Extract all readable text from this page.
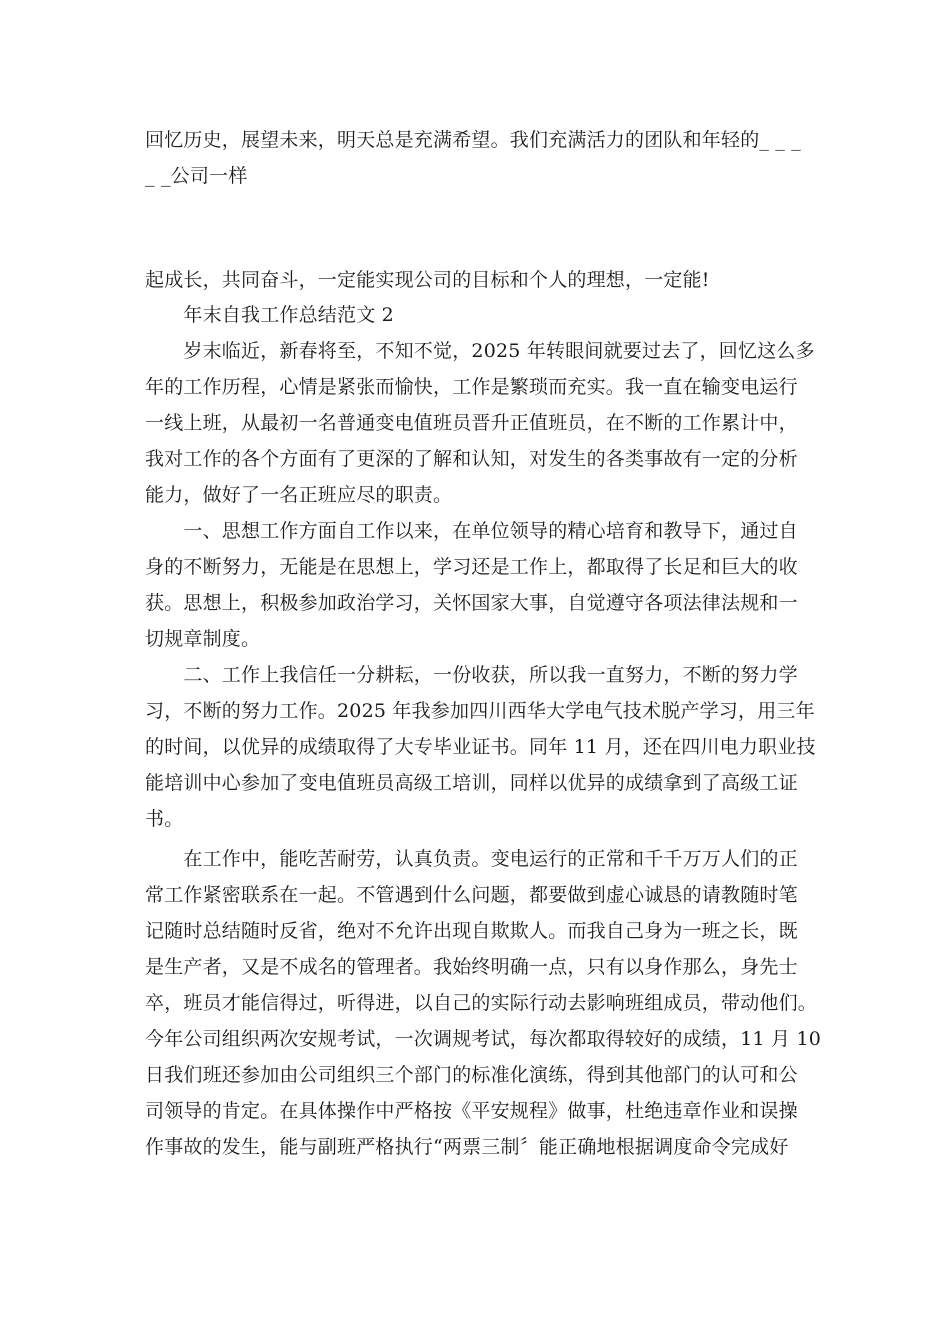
回忆历史，展望未来，明天总是充满希望。我们充满活力的团队和年轻的_ _ _
_ _公司一样
起成长，共同奋斗，一定能实现公司的目标和个人的理想，一定能!
　　年末自我工作总结范文 2
　　岁末临近，新春将至，不知不觉，2025 年转眼间就要过去了，回忆这么多
年的工作历程，心情是紧张而愉快，工作是繁琐而充实。我一直在输变电运行
一线上班，从最初一名普通变电值班员晋升正值班员，在不断的工作累计中，
我对工作的各个方面有了更深的了解和认知，对发生的各类事故有一定的分析
能力，做好了一名正班应尽的职责。
　　一、思想工作方面自工作以来，在单位领导的精心培育和教导下，通过自
身的不断努力，无能是在思想上，学习还是工作上，都取得了长足和巨大的收
获。思想上，积极参加政治学习，关怀国家大事，自觉遵守各项法律法规和一
切规章制度。
　　二、工作上我信任一分耕耘，一份收获，所以我一直努力，不断的努力学
习，不断的努力工作。2025 年我参加四川西华大学电气技术脱产学习，用三年
的时间，以优异的成绩取得了大专毕业证书。同年 11 月，还在四川电力职业技
能培训中心参加了变电值班员高级工培训，同样以优异的成绩拿到了高级工证
书。
　　在工作中，能吃苦耐劳，认真负责。变电运行的正常和千千万万人们的正
常工作紧密联系在一起。不管遇到什么问题，都要做到虚心诚恳的请教随时笔
记随时总结随时反省，绝对不允许出现自欺欺人。而我自己身为一班之长，既
是生产者，又是不成名的管理者。我始终明确一点，只有以身作那么，身先士
卒，班员才能信得过，听得进，以自己的实际行动去影响班组成员，带动他们。
今年公司组织两次安规考试，一次调规考试，每次都取得较好的成绩，11 月 10
日我们班还参加由公司组织三个部门的标准化演练，得到其他部门的认可和公
司领导的肯定。在具体操作中严格按《平安规程》做事，杜绝违章作业和误操
作事故的发生，能与副班严格执行“两票三制〞能正确地根据调度命令完成好
